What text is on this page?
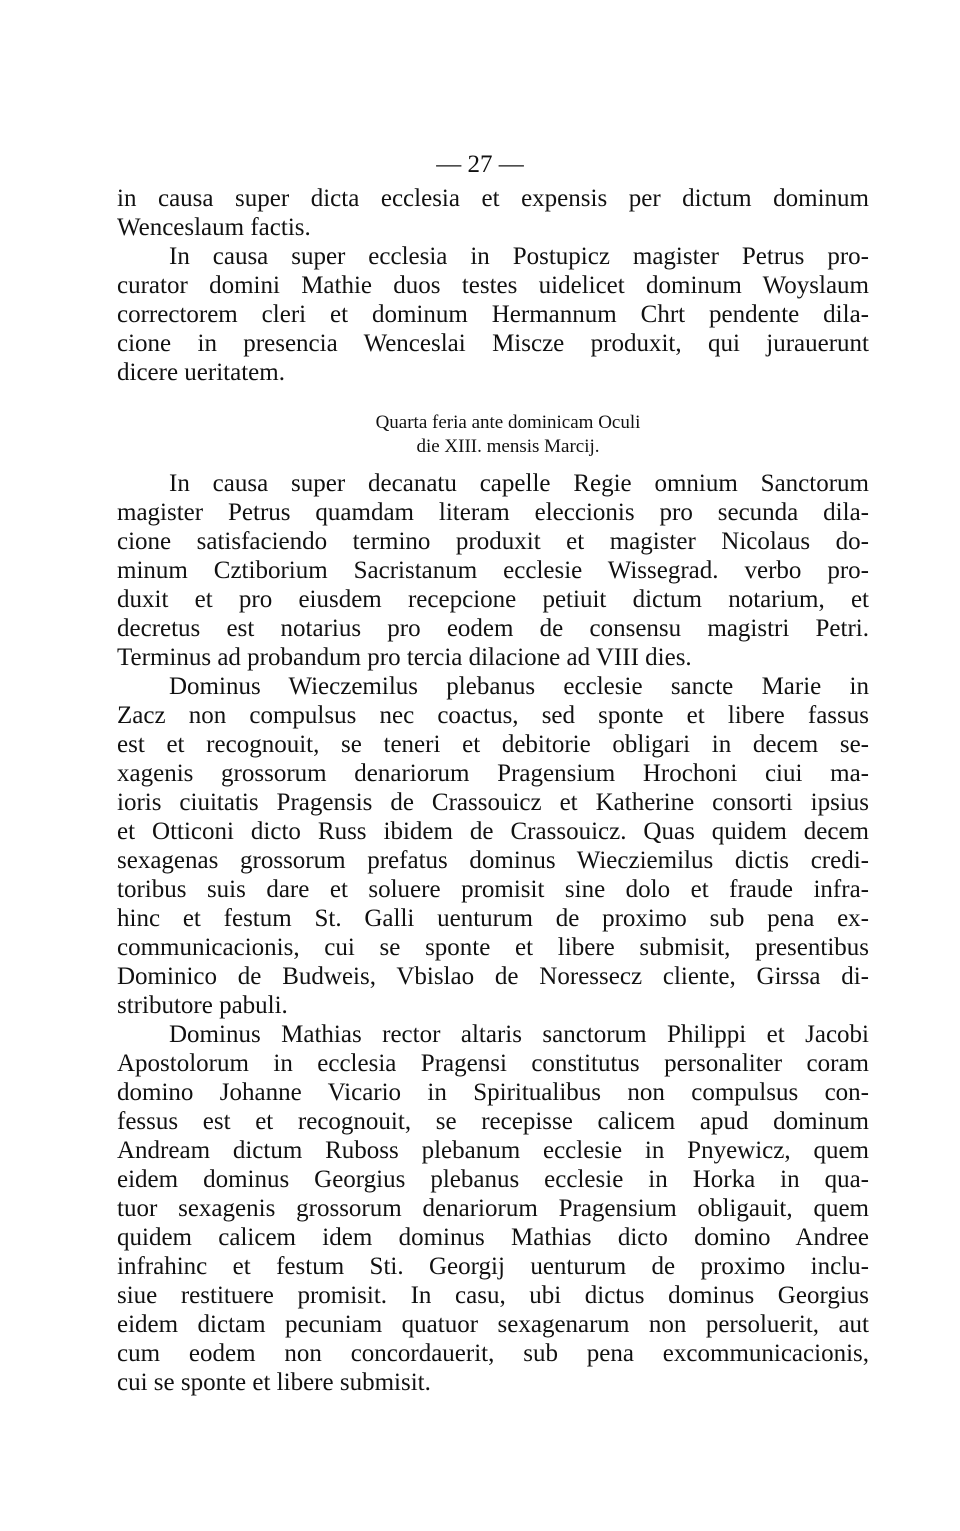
— 27 —
in causa super dicta ecclesia et expensis per dictum dominum
Wenceslaum factis.
In causa super ecclesia in Postupicz magister Petrus pro-
curator domini Mathie duos testes uidelicet dominum Woyslaum
correctorem cleri et dominum Hermannum Chrt pendente dila-
cione in presencia Wenceslai Miscze produxit, qui jurauerunt
dicere ueritatem.
Quarta feria ante dominicam Oculi
die XIII. mensis Marcij.
In causa super decanatu capelle Regie omnium Sanctorum
magister Petrus quamdam literam eleccionis pro secunda dila-
cione satisfaciendo termino produxit et magister Nicolaus do-
minum Cztiborium Sacristanum ecclesie Wissegrad. verbo pro-
duxit et pro eiusdem recepcione petiuit dictum notarium, et
decretus est notarius pro eodem de consensu magistri Petri.
Terminus ad probandum pro tercia dilacione ad VIII dies.
Dominus Wieczemilus plebanus ecclesie sancte Marie in
Zacz non compulsus nec coactus, sed sponte et libere fassus
est et recognouit, se teneri et debitorie obligari in decem se-
xagenis grossorum denariorum Pragensium Hrochoni ciui ma-
ioris ciuitatis Pragensis de Crassouicz et Katherine consorti ipsius
et Otticoni dicto Russ ibidem de Crassouicz. Quas quidem decem
sexagenas grossorum prefatus dominus Wiecziemilus dictis credi-
toribus suis dare et soluere promisit sine dolo et fraude infra-
hinc et festum St. Galli uenturum de proximo sub pena ex-
communicacionis, cui se sponte et libere submisit, presentibus
Dominico de Budweis, Vbislao de Noressecz cliente, Girssa di-
stributore pabuli.
Dominus Mathias rector altaris sanctorum Philippi et Jacobi
Apostolorum in ecclesia Pragensi constitutus personaliter coram
domino Johanne Vicario in Spiritualibus non compulsus con-
fessus est et recognouit, se recepisse calicem apud dominum
Andream dictum Ruboss plebanum ecclesie in Pnyewicz, quem
eidem dominus Georgius plebanus ecclesie in Horka in qua-
tuor sexagenis grossorum denariorum Pragensium obligauit, quem
quidem calicem idem dominus Mathias dicto domino Andree
infrahinc et festum Sti. Georgij uenturum de proximo inclu-
siue restituere promisit. In casu, ubi dictus dominus Georgius
eidem dictam pecuniam quatuor sexagenarum non persoluerit, aut
cum eodem non concordauerit, sub pena excommunicacionis,
cui se sponte et libere submisit.
